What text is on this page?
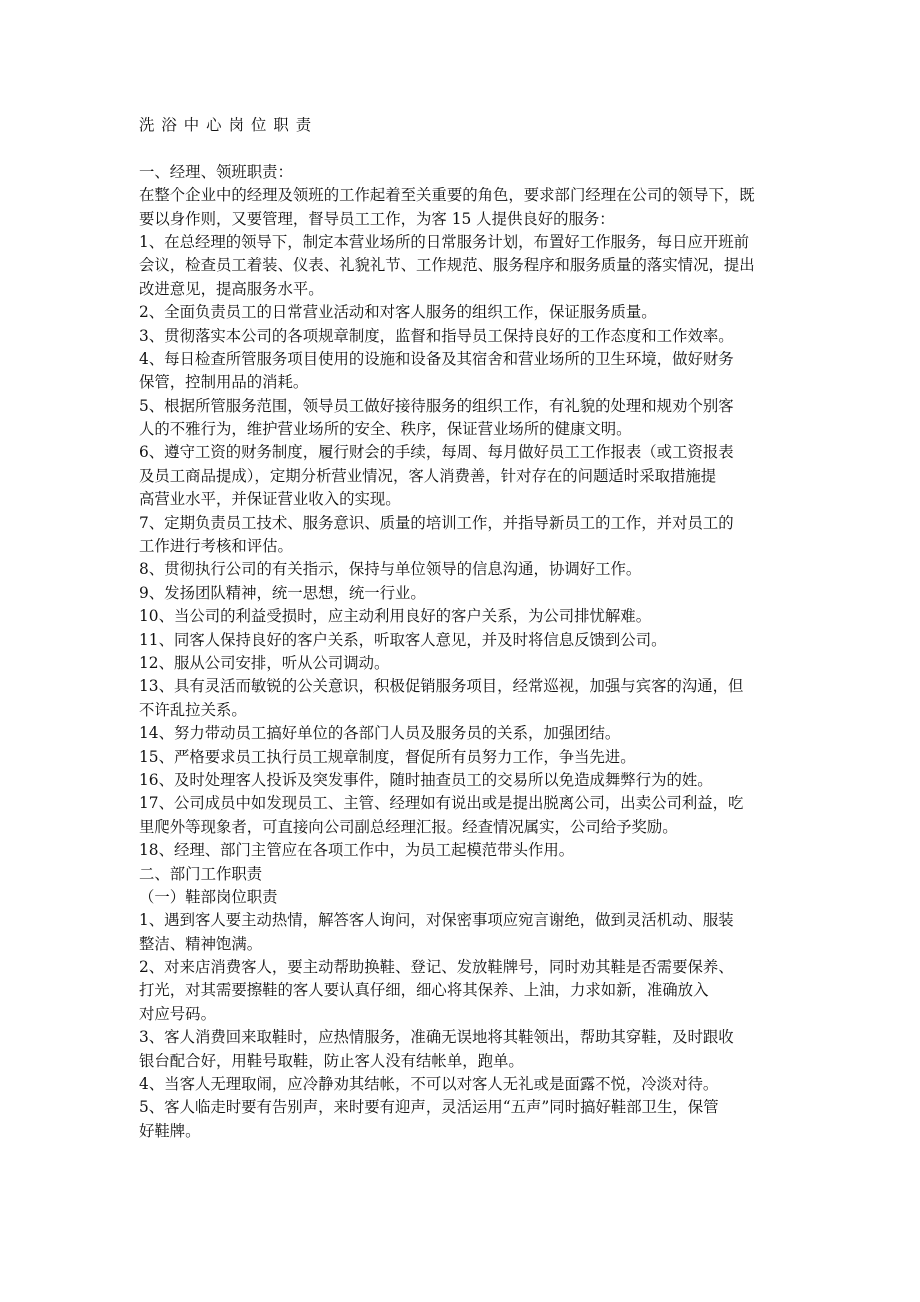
洗浴中心岗位职责

一、经理、领班职责：

在整个企业中的经理及领班的工作起着至关重要的角色，要求部门经理在公司的领导下，既

要以身作则，又要管理，督导员工工作，为客 15 人提供良好的服务：

1、在总经理的领导下，制定本营业场所的日常服务计划，布置好工作服务，每日应开班前

会议，检查员工着装、仪表、礼貌礼节、工作规范、服务程序和服务质量的落实情况，提出

改进意见，提高服务水平。

2、全面负责员工的日常营业活动和对客人服务的组织工作，保证服务质量。

3、贯彻落实本公司的各项规章制度，监督和指导员工保持良好的工作态度和工作效率。

4、每日检查所管服务项目使用的设施和设备及其宿舍和营业场所的卫生环境，做好财务

保管，控制用品的消耗。

5、根据所管服务范围，领导员工做好接待服务的组织工作，有礼貌的处理和规劝个别客

人的不雅行为，维护营业场所的安全、秩序，保证营业场所的健康文明。

6、遵守工资的财务制度，履行财会的手续，每周、每月做好员工工作报表（或工资报表

及员工商品提成），定期分析营业情况，客人消费善，针对存在的问题适时采取措施提

高营业水平，并保证营业收入的实现。

7、定期负责员工技术、服务意识、质量的培训工作，并指导新员工的工作，并对员工的

工作进行考核和评估。

8、贯彻执行公司的有关指示，保持与单位领导的信息沟通，协调好工作。

9、发扬团队精神，统一思想，统一行业。

10、当公司的利益受损时，应主动利用良好的客户关系，为公司排忧解难。

11、同客人保持良好的客户关系，听取客人意见，并及时将信息反馈到公司。

12、服从公司安排，听从公司调动。

13、具有灵活而敏锐的公关意识，积极促销服务项目，经常巡视，加强与宾客的沟通，但

不许乱拉关系。

14、努力带动员工搞好单位的各部门人员及服务员的关系，加强团结。

15、严格要求员工执行员工规章制度，督促所有员努力工作，争当先进。

16、及时处理客人投诉及突发事件，随时抽查员工的交易所以免造成舞弊行为的姓。

17、公司成员中如发现员工、主管、经理如有说出或是提出脱离公司，出卖公司利益，吃

里爬外等现象者，可直接向公司副总经理汇报。经查情况属实，公司给予奖励。

18、经理、部门主管应在各项工作中，为员工起模范带头作用。

二、部门工作职责

（一）鞋部岗位职责

1、遇到客人要主动热情，解答客人询问，对保密事项应宛言谢绝，做到灵活机动、服装

整洁、精神饱满。

2、对来店消费客人，要主动帮助换鞋、登记、发放鞋牌号，同时劝其鞋是否需要保养、

打光，对其需要擦鞋的客人要认真仔细，细心将其保养、上油，力求如新，准确放入

对应号码。

3、客人消费回来取鞋时，应热情服务，准确无误地将其鞋领出，帮助其穿鞋，及时跟收

银台配合好，用鞋号取鞋，防止客人没有结帐单，跑单。

4、当客人无理取闹，应冷静劝其结帐，不可以对客人无礼或是面露不悦，冷淡对待。

5、客人临走时要有告别声，来时要有迎声，灵活运用“五声”同时搞好鞋部卫生，保管

好鞋牌。
